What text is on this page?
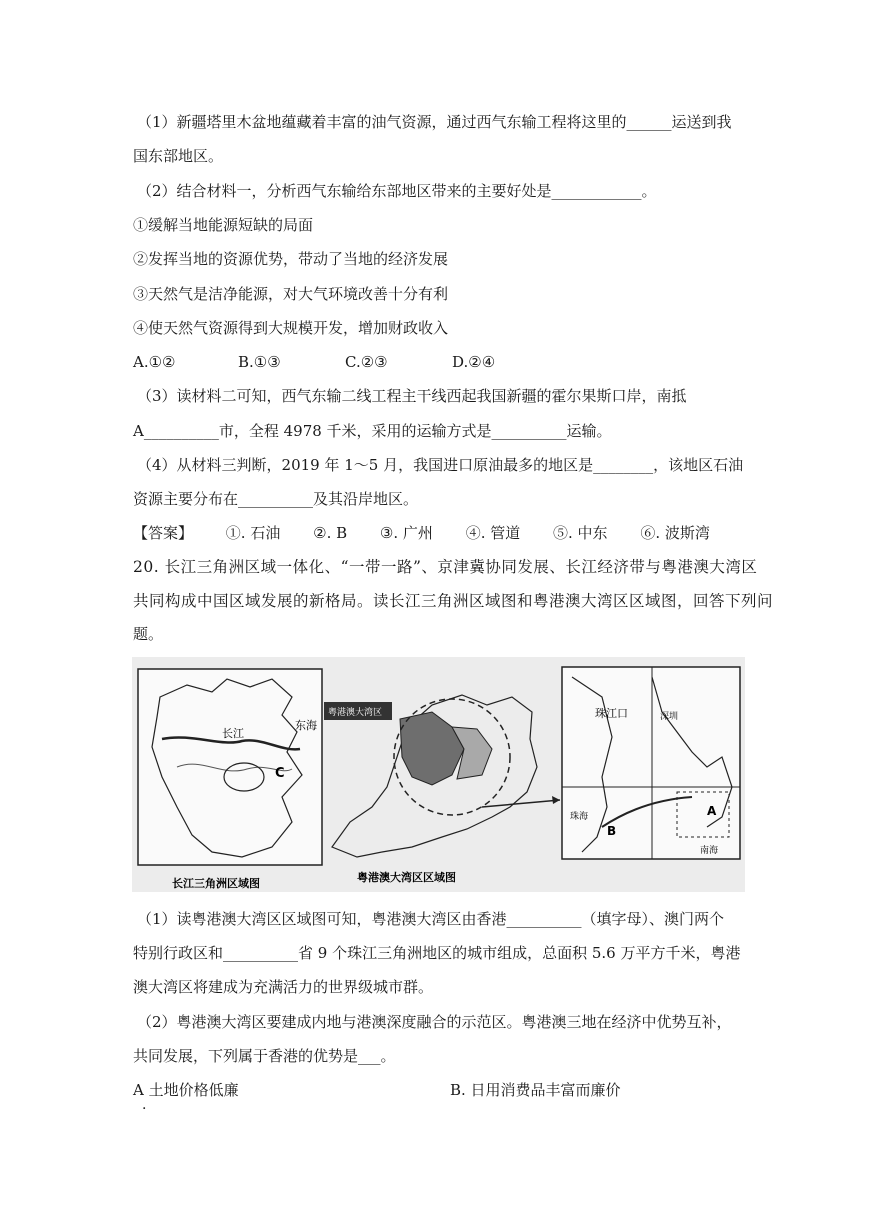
（1）新疆塔里木盆地蕴藏着丰富的油气资源，通过西气东输工程将这里的______运送到我
国东部地区。
（2）结合材料一，分析西气东输给东部地区带来的主要好处是____________。
①缓解当地能源短缺的局面
②发挥当地的资源优势，带动了当地的经济发展
③天然气是洁净能源，对大气环境改善十分有利
④使天然气资源得到大规模开发，增加财政收入
A.①②	B.①③	C.②③	D.②④
（3）读材料二可知，西气东输二线工程主干线西起我国新疆的霍尔果斯口岸，南抵
A__________市，全程 4978 千米，采用的运输方式是__________运输。
（4）从材料三判断，2019 年 1～5 月，我国进口原油最多的地区是________，该地区石油
资源主要分布在__________及其沿岸地区。
【答案】 ①. 石油 ②. B ③. 广州 ④. 管道 ⑤. 中东 ⑥. 波斯湾
20. 长江三角洲区域一体化、“一带一路”、京津冀协同发展、长江经济带与粤港澳大湾区
共同构成中国区域发展的新格局。读长江三角洲区域图和粤港澳大湾区区域图，回答下列问
题。
长江
东海
C
长江三角洲区域图
粤港澳大湾区
粤港澳大湾区区域图
珠江口	深圳
珠海	A
B
南海
（1）读粤港澳大湾区区域图可知，粤港澳大湾区由香港__________（填字母）、澳门两个
特别行政区和__________省 9 个珠江三角洲地区的城市组成，总面积 5.6 万平方千米，粤港
澳大湾区将建成为充满活力的世界级城市群。
（2）粤港澳大湾区要建成内地与港澳深度融合的示范区。粤港澳三地在经济中优势互补，
共同发展，下列属于香港的优势是___。
A 土地价格低廉	B. 日用消费品丰富而廉价
·
